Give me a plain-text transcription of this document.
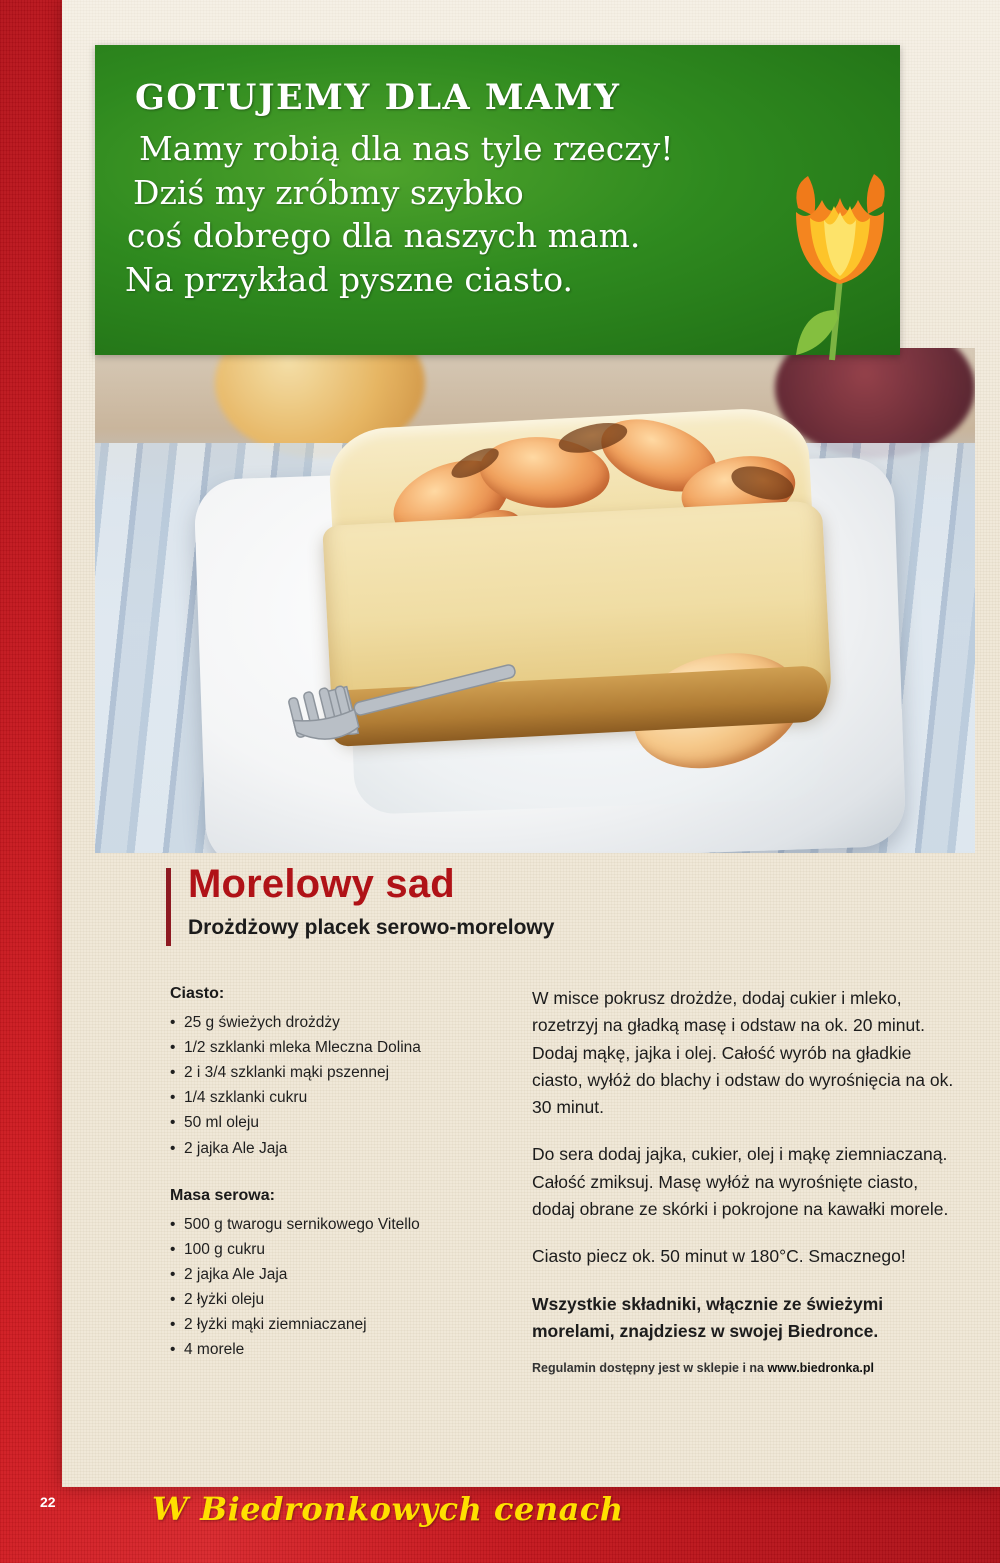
GOTUJEMY DLA MAMY
Mamy robią dla nas tyle rzeczy!
Dziś my zróbmy szybko
coś dobrego dla naszych mam.
Na przykład pyszne ciasto.
Morelowy sad
Drożdżowy placek serowo-morelowy
Ciasto:
• 25 g świeżych drożdży
• 1/2 szklanki mleka Mleczna Dolina
• 2 i 3/4 szklanki mąki pszennej
• 1/4 szklanki cukru
• 50 ml oleju
• 2 jajka Ale Jaja
Masa serowa:
• 500 g twarogu sernikowego Vitello
• 100 g cukru
• 2 jajka Ale Jaja
• 2 łyżki oleju
• 2 łyżki mąki ziemniaczanej
• 4 morele

W misce pokrusz drożdże, dodaj cukier i mleko, rozetrzyj na gładką masę i odstaw na ok. 20 minut. Dodaj mąkę, jajka i olej. Całość wyrób na gładkie ciasto, wyłóż do blachy i odstaw do wyrośnięcia na ok. 30 minut.

Do sera dodaj jajka, cukier, olej i mąkę ziemniaczaną. Całość zmiksuj. Masę wyłóż na wyrośnięte ciasto, dodaj obrane ze skórki i pokrojone na kawałki morele.

Ciasto piecz ok. 50 minut w 180°C. Smacznego!

Wszystkie składniki, włącznie ze świeżymi morelami, znajdziesz w swojej Biedronce.

Regulamin dostępny jest w sklepie i na www.biedronka.pl

22	W Biedronkowych cenach
